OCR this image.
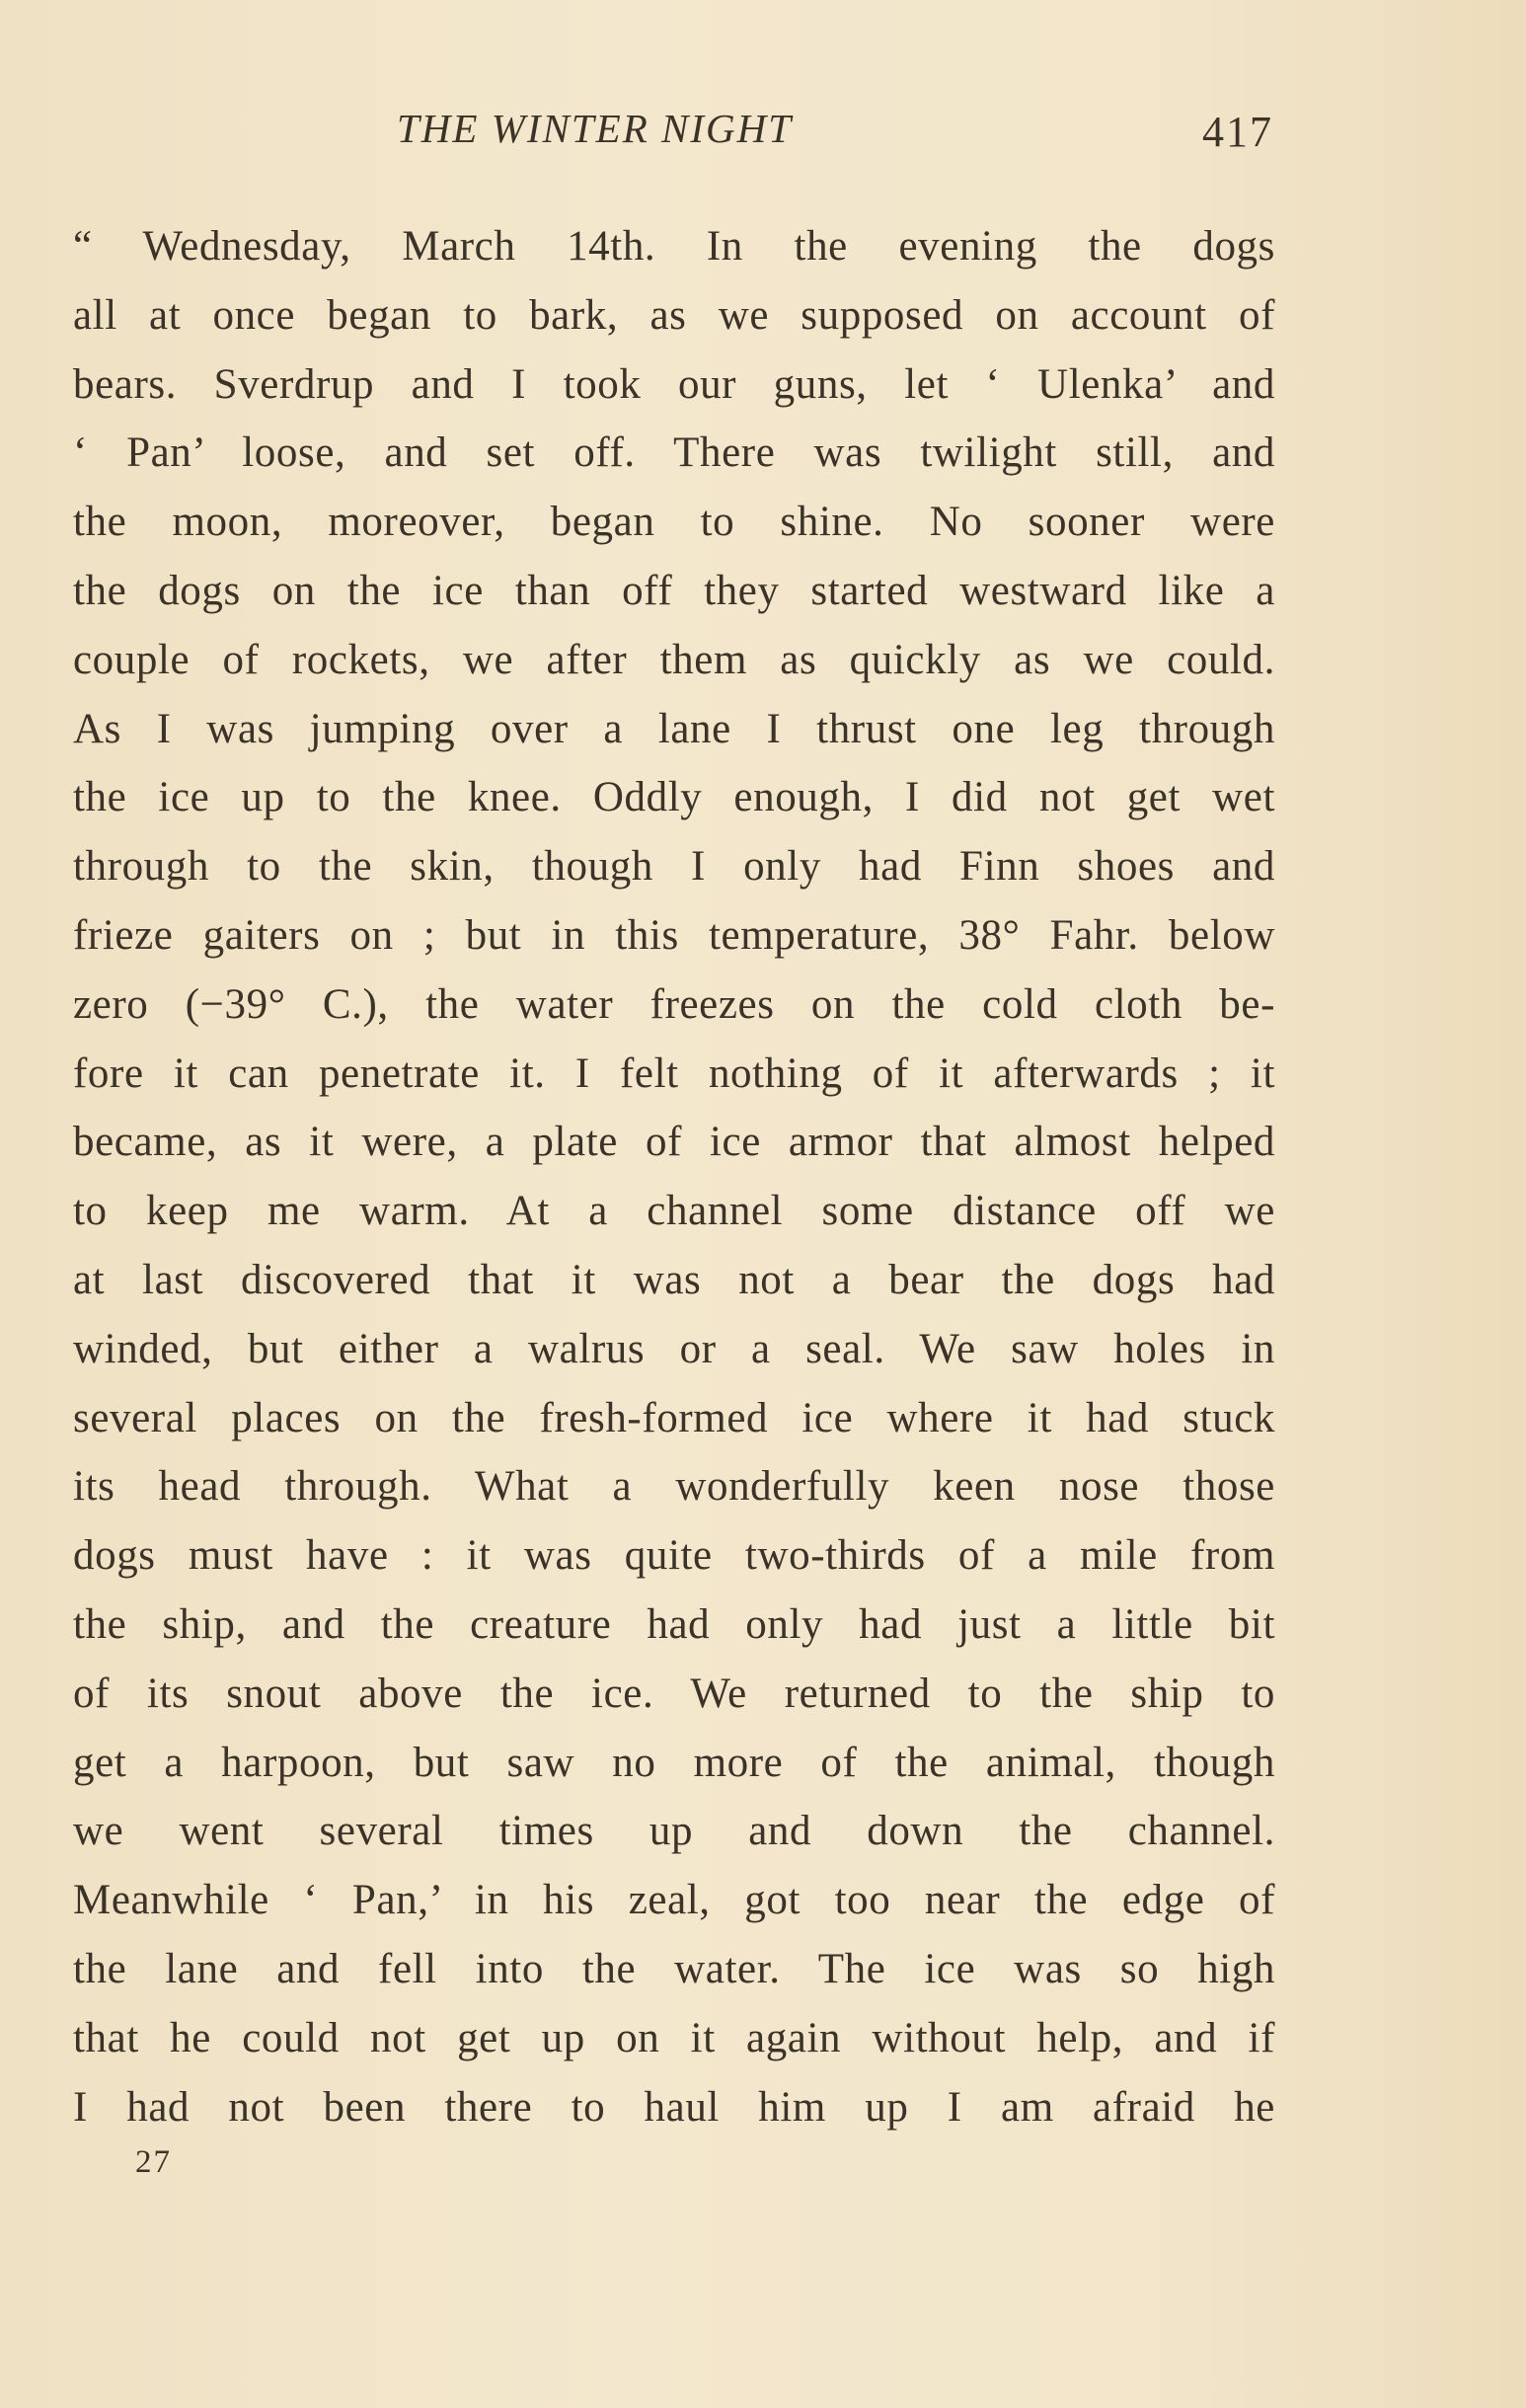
THE WINTER NIGHT	417
“ Wednesday, March 14th. In the evening the dogs
all at once began to bark, as we supposed on account of
bears. Sverdrup and I took our guns, let ‘ Ulenka’ and
‘ Pan’ loose, and set off. There was twilight still, and
the moon, moreover, began to shine. No sooner were
the dogs on the ice than off they started westward like a
couple of rockets, we after them as quickly as we could.
As I was jumping over a lane I thrust one leg through
the ice up to the knee. Oddly enough, I did not get wet
through to the skin, though I only had Finn shoes and
frieze gaiters on ; but in this temperature, 38° Fahr. below
zero (−39° C.), the water freezes on the cold cloth be-
fore it can penetrate it. I felt nothing of it afterwards ; it
became, as it were, a plate of ice armor that almost helped
to keep me warm. At a channel some distance off we
at last discovered that it was not a bear the dogs had
winded, but either a walrus or a seal. We saw holes in
several places on the fresh-formed ice where it had stuck
its head through. What a wonderfully keen nose those
dogs must have : it was quite two-thirds of a mile from
the ship, and the creature had only had just a little bit
of its snout above the ice. We returned to the ship to
get a harpoon, but saw no more of the animal, though
we went several times up and down the channel.
Meanwhile ‘ Pan,’ in his zeal, got too near the edge of
the lane and fell into the water. The ice was so high
that he could not get up on it again without help, and if
I had not been there to haul him up I am afraid he
27
